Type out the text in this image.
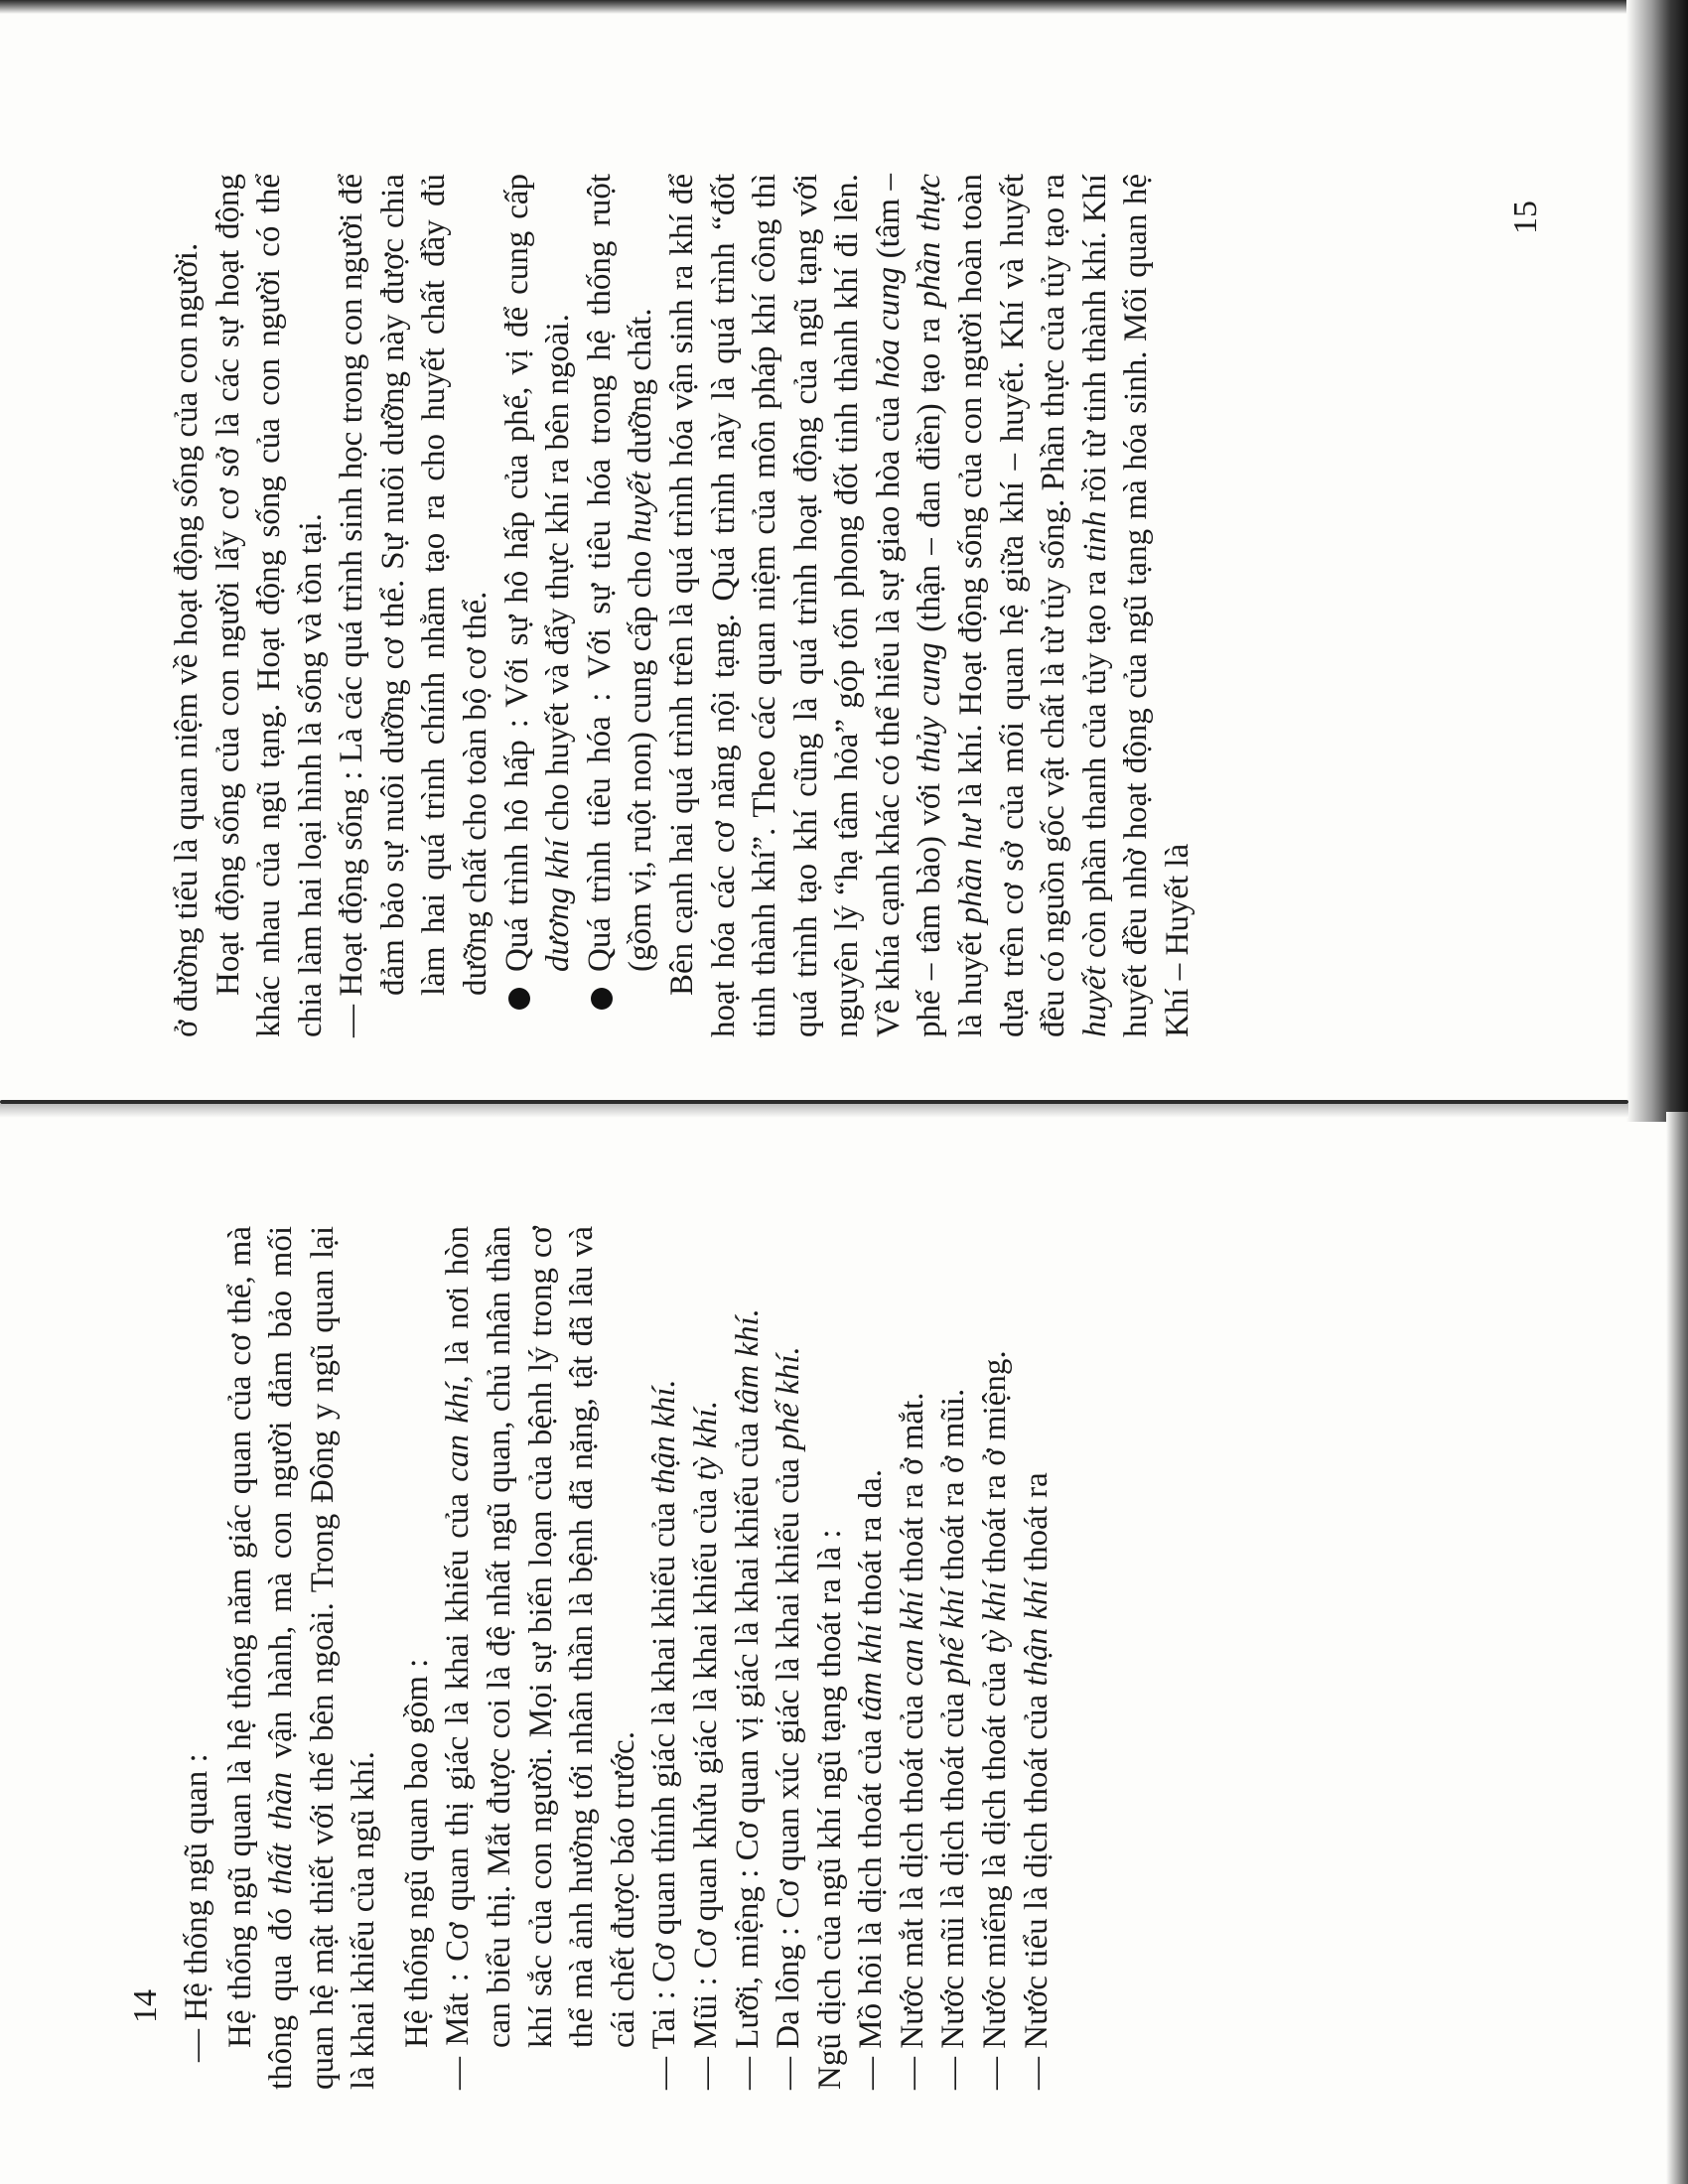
ở đường tiểu là quan niệm về hoạt động sống của con người. Hoạt động sống của con người lấy cơ sở là các sự hoạt động khác nhau của ngũ tạng. Hoạt động sống của con người có thể chia làm hai loại hình là sống và tồn tại. — Hoạt động sống : Là các quá trình sinh học trong con người để đảm bảo sự nuôi dưỡng cơ thể. Sự nuôi dưỡng này được chia làm hai quá trình chính nhằm tạo ra cho huyết chất đầy đủ dưỡng chất cho toàn bộ cơ thể. Quá trình hô hấp : Với sự hô hấp của phế, vị để cung cấp dương khí cho huyết và đẩy thực khí ra bên ngoài. Quá trình tiêu hóa : Với sự tiêu hóa trong hệ thống ruột (gồm vị, ruột non) cung cấp cho huyết dưỡng chất. Bên cạnh hai quá trình trên là quá trình hóa vận sinh ra khí để hoạt hóa các cơ năng nội tạng. Quá trình này là quá trình “đốt tinh thành khí”. Theo các quan niệm của môn pháp khí công thì quá trình tạo khí cũng là quá trình hoạt động của ngũ tạng với nguyên lý “hạ tâm hỏa” góp tốn phong đốt tinh thành khí đi lên. Về khía cạnh khác có thể hiểu là sự giao hòa của hỏa cung (tâm – phế – tâm bào) với thủy cung (thận – đan điền) tạo ra phần thực là huyết phần hư là khí. Hoạt động sống của con người hoàn toàn dựa trên cơ sở của mối quan hệ giữa khí – huyết. Khí và huyết đều có nguồn gốc vật chất là từ tủy sống. Phần thực của tủy tạo ra huyết còn phần thanh của tủy tạo ra tinh rồi từ tinh thành khí. Khí huyết đều nhờ hoạt động của ngũ tạng mà hóa sinh. Mối quan hệ Khí – Huyết là

15

— Hệ thống ngũ quan : Hệ thống ngũ quan là hệ thống năm giác quan của cơ thể, mà thông qua đó thất thần vận hành, mà con người đảm bảo mối quan hệ mật thiết với thế bên ngoài. Trong Đông y ngũ quan lại là khai khiếu của ngũ khí. Hệ thống ngũ quan bao gồm : — Mắt : Cơ quan thị giác là khai khiếu của can khí, là nơi hòn can biểu thị. Mắt được coi là đệ nhất ngũ quan, chủ nhân thần khí sắc của con người. Mọi sự biến loạn của bệnh lý trong cơ thể mà ảnh hưởng tới nhân thần là bệnh đã nặng, tật đã lâu và cái chết được báo trước. — Tai : Cơ quan thính giác là khai khiếu của thận khí.

— Mũi : Cơ quan khứu giác là khai khiếu của tỳ khí. — Lưỡi, miệng : Cơ quan vị giác là khai khiếu của tâm khí.

— Da lông : Cơ quan xúc giác là khai khiếu của phế khí.

Ngũ dịch của ngũ khí ngũ tạng thoát ra là : — Mồ hôi là dịch thoát của tâm khí thoát ra da.

— Nước mắt là dịch thoát của can khí thoát ra ở mắt.

— Nước mũi là dịch thoát của phế khí thoát ra ở mũi.

— Nước miếng là dịch thoát của tỳ khí thoát ra ở miệng.

— Nước tiểu là dịch thoát của thận khí thoát ra

14
